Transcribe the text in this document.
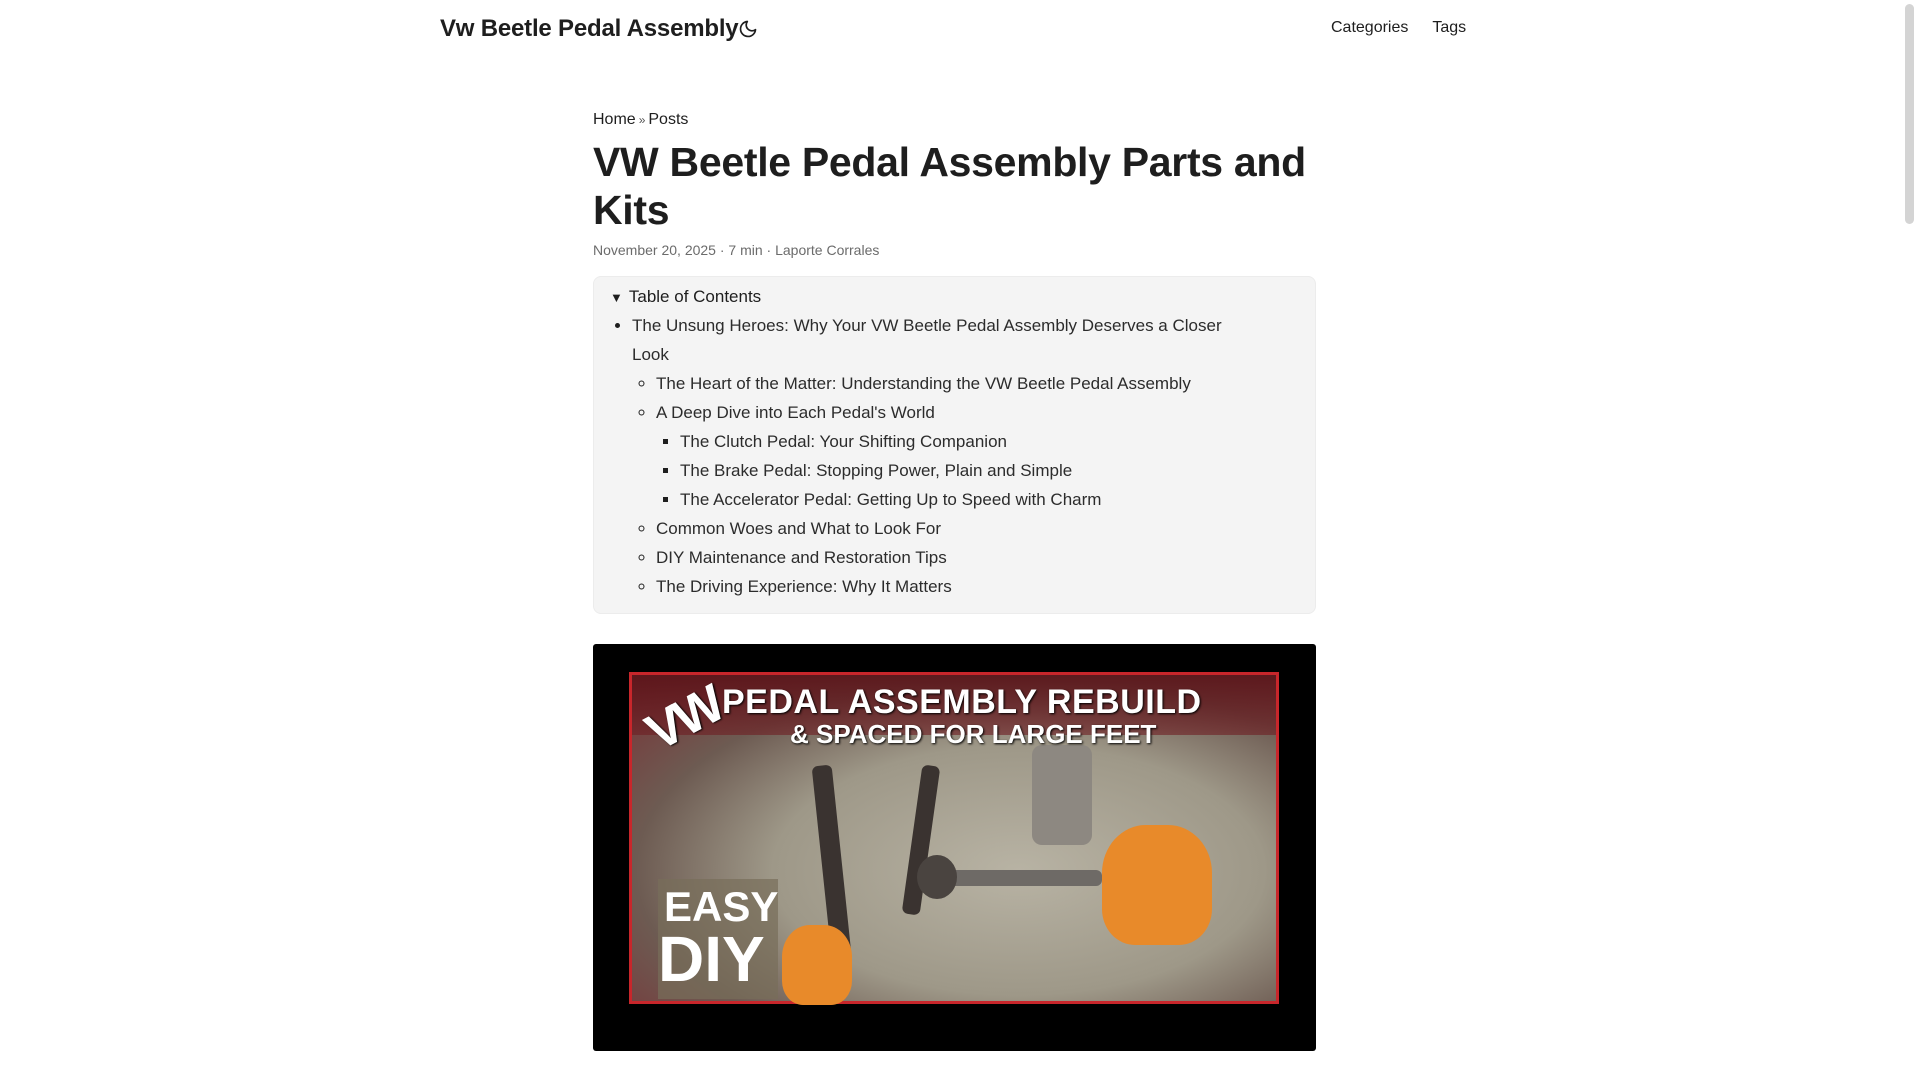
Vw Beetle Pedal Assembly	Categories Tags
Home » Posts
VW Beetle Pedal Assembly Parts and Kits
November 20, 2025 · 7 min · Laporte Corrales
▼ Table of Contents
• The Unsung Heroes: Why Your VW Beetle Pedal Assembly Deserves a Closer Look
◦ The Heart of the Matter: Understanding the VW Beetle Pedal Assembly
◦ A Deep Dive into Each Pedal's World
▪ The Clutch Pedal: Your Shifting Companion
▪ The Brake Pedal: Stopping Power, Plain and Simple
▪ The Accelerator Pedal: Getting Up to Speed with Charm
◦ Common Woes and What to Look For
◦ DIY Maintenance and Restoration Tips
◦ The Driving Experience: Why It Matters
VW
PEDAL ASSEMBLY REBUILD
& SPACED FOR LARGE FEET
EASY
DIY
